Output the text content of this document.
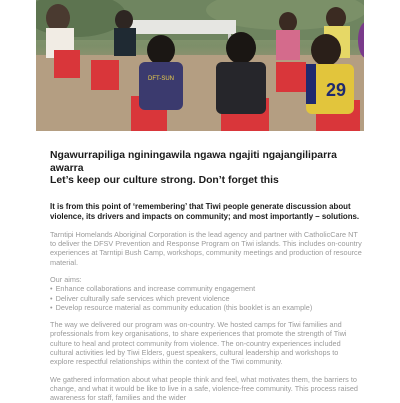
DFT-SUN
29
Ngawurrapiliga nginingawila ngawa ngajiti ngajangiliparra awarra
Let’s keep our culture strong. Don’t forget this

It is from this point of ‘remembering’ that Tiwi people generate discussion about violence, its drivers and impacts on community; and most importantly – solutions.

Tarntipi Homelands Aboriginal Corporation is the lead agency and partner with CatholicCare NT to deliver the DFSV Prevention and Response Program on Tiwi islands. This includes on-country experiences at Tarntipi Bush Camp, workshops, community meetings and production of resource material.

Our aims:

• Enhance collaborations and increase community engagement
• Deliver culturally safe services which prevent violence
• Develop resource material as community education (this booklet is an example)

The way we delivered our program was on-country. We hosted camps for Tiwi families and professionals from key organisations, to share experiences that promote the strength of Tiwi culture to heal and protect community from violence. The on-country experiences included cultural activities led by Tiwi Elders, guest speakers, cultural leadership and workshops to explore respectful relationships within the context of the Tiwi community.

We gathered information about what people think and feel, what motivates them, the barriers to change, and what it would be like to live in a safe, violence-free community. This process raised awareness for staff, families and the wider
